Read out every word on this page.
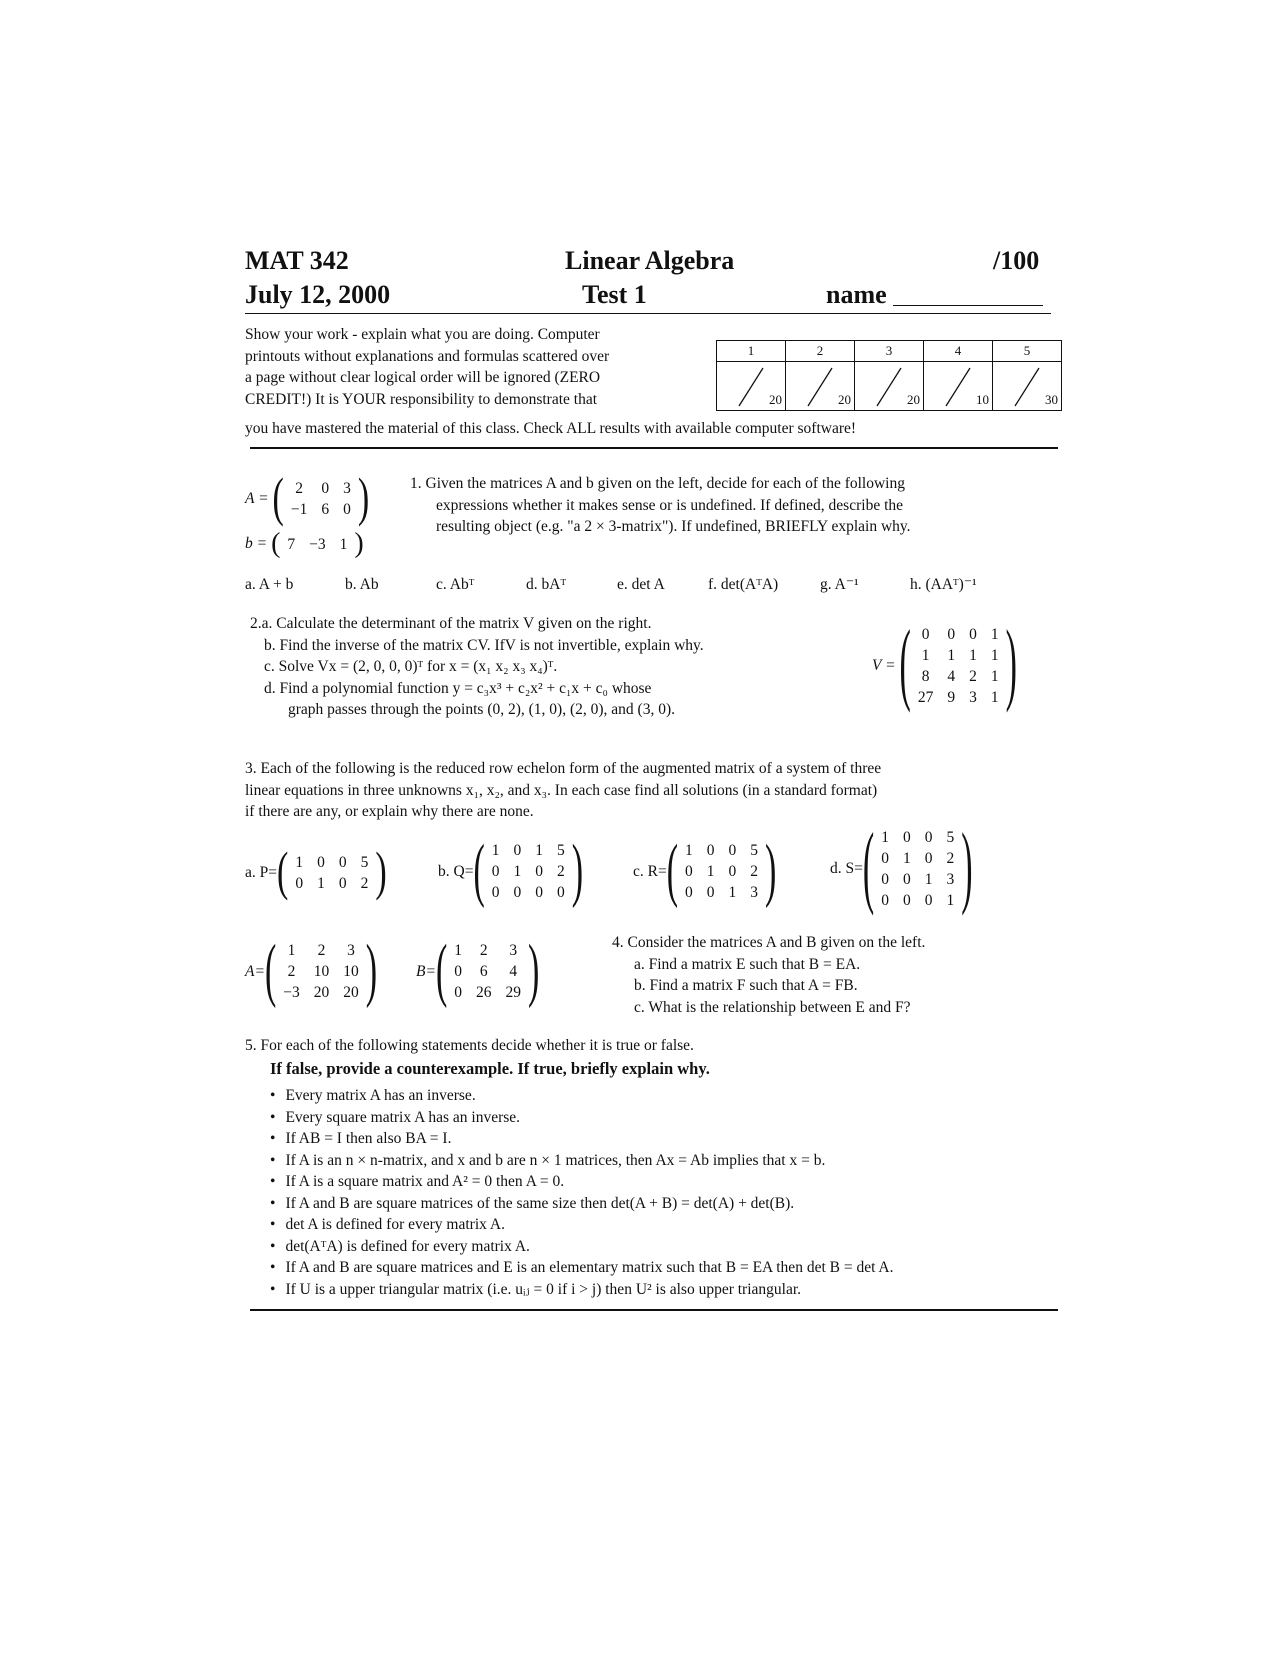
MAT 342	Linear Algebra	/100
July 12, 2000	Test 1	name
Show your work - explain what you are doing. Computer
printouts without explanations and formulas scattered over
a page without clear logical order will be ignored (ZERO
CREDIT!) It is YOUR responsibility to demonstrate that
you have mastered the material of this class. Check ALL results with available computer software!
1	2	3	4	5

20	20	20	10	30
A = ( 2	0	3
−1	6	0 )
b = ( 7	−3	1 )
1. Given the matrices A and b given on the left, decide for each of the following
expressions whether it makes sense or is undefined. If defined, describe the
resulting object (e.g. "a 2 × 3-matrix"). If undefined, BRIEFLY explain why.
a. A + b	b. Ab	c. Abᵀ	d. bAᵀ	e. det A	f. det(AᵀA)	g. A⁻¹	h. (AAᵀ)⁻¹
2.a. Calculate the determinant of the matrix V given on the right.
b. Find the inverse of the matrix CV. IfV is not invertible, explain why.
c. Solve Vx = (2, 0, 0, 0)ᵀ for x = (x₁ x₂ x₃ x₄)ᵀ.
d. Find a polynomial function y = c₃x³ + c₂x² + c₁x + c₀ whose
graph passes through the points (0, 2), (1, 0), (2, 0), and (3, 0).
V = ( 0	0	0	1
1	1	1	1
8	4	2	1
27	9	3	1 )
3. Each of the following is the reduced row echelon form of the augmented matrix of a system of three
linear equations in three unknowns x₁, x₂, and x₃. In each case find all solutions (in a standard format)
if there are any, or explain why there are none.
a. P= ( 1	0	0	5
0	1	0	2 )	b. Q= ( 1	0	1	5
0	1	0	2
0	0	0	0 )	c. R= ( 1	0	0	5
0	1	0	2
0	0	1	3 )	d. S= ( 1	0	0	5
0	1	0	2
0	0	1	3
0	0	0	1 )
A= ( 1	2	3
2	10	10
−3	20	20 )	B= ( 1	2	3
0	6	4
0	26	29 )	4. Consider the matrices A and B given on the left.
a. Find a matrix E such that B = EA.
b. Find a matrix F such that A = FB.
c. What is the relationship between E and F?
5. For each of the following statements decide whether it is true or false.
If false, provide a counterexample. If true, briefly explain why.
• Every matrix A has an inverse.
• Every square matrix A has an inverse.
• If AB = I then also BA = I.
• If A is an n × n-matrix, and x and b are n × 1 matrices, then Ax = Ab implies that x = b.
• If A is a square matrix and A² = 0 then A = 0.
• If A and B are square matrices of the same size then det(A + B) = det(A) + det(B).
• det A is defined for every matrix A.
• det(AᵀA) is defined for every matrix A.
• If A and B are square matrices and E is an elementary matrix such that B = EA then det B = det A.
• If U is a upper triangular matrix (i.e. uᵢⱼ = 0 if i > j) then U² is also upper triangular.
